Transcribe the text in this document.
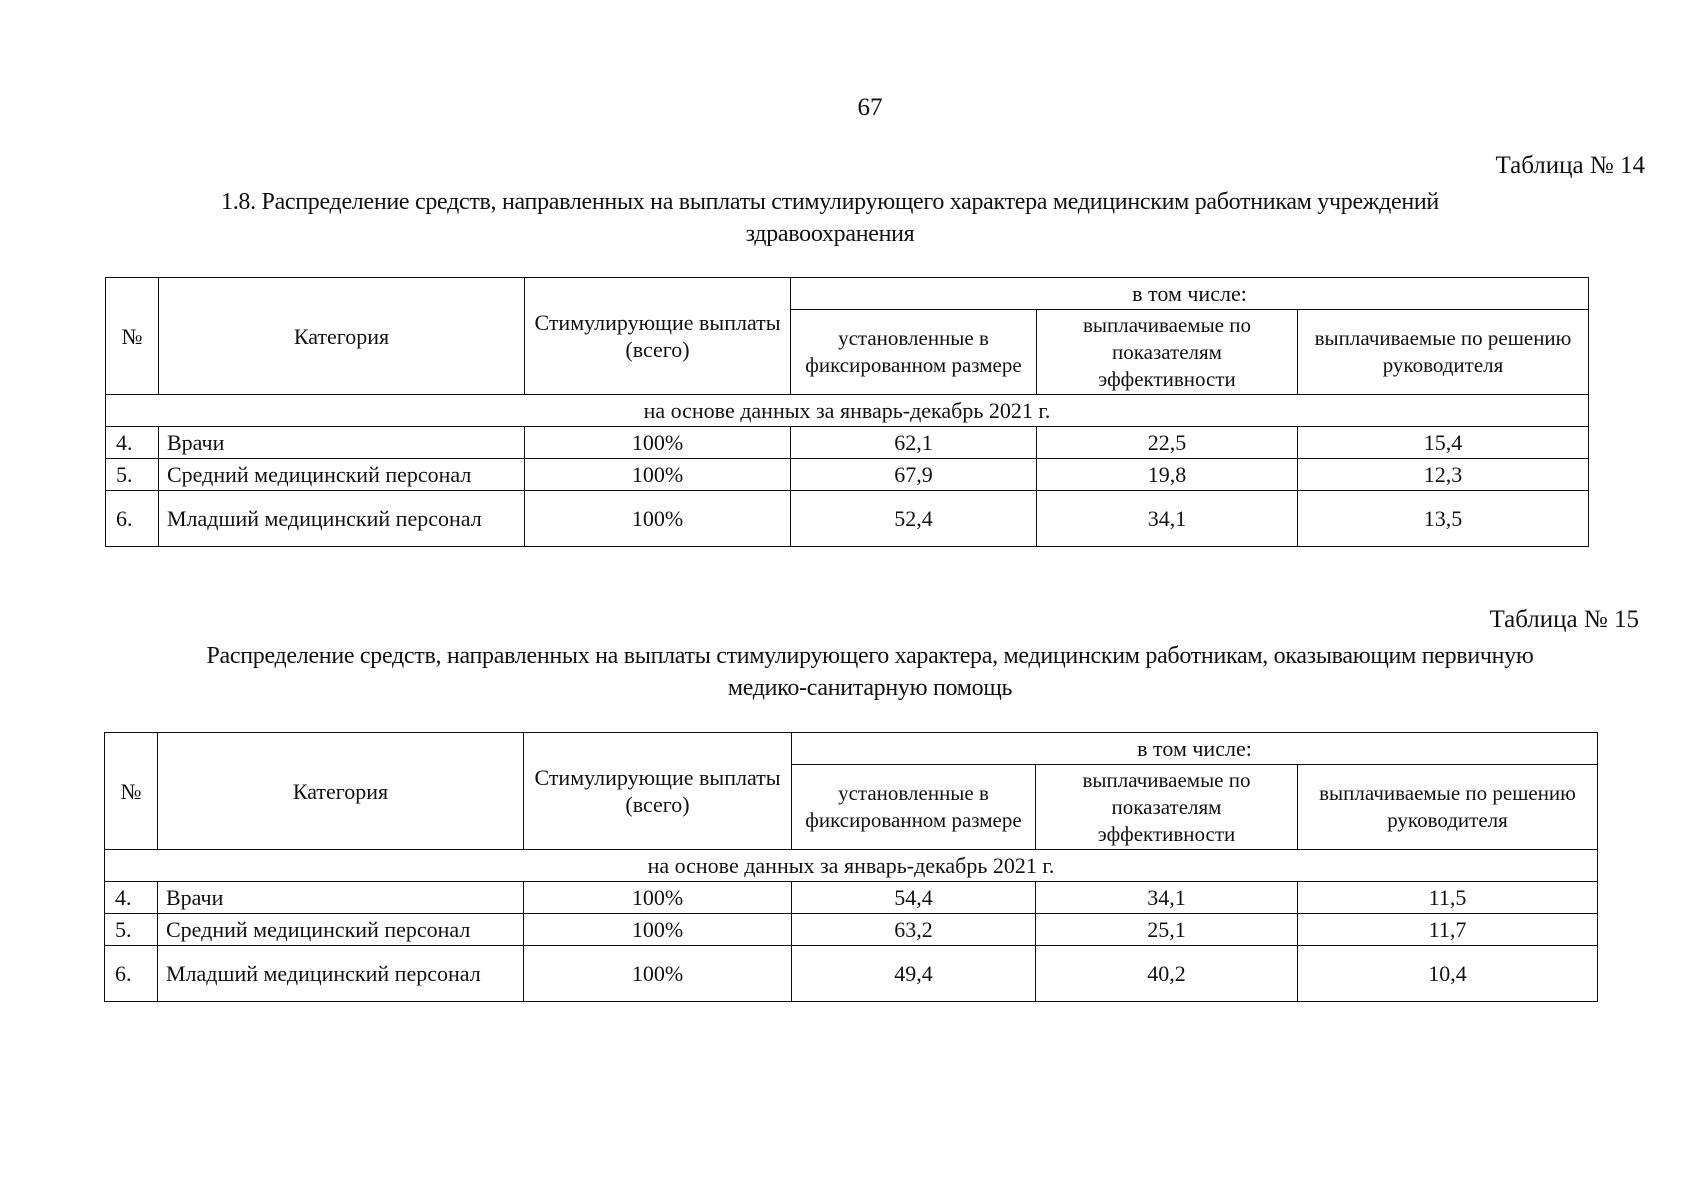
67
Таблица № 14
1.8. Распределение средств, направленных на выплаты стимулирующего характера медицинским работникам учреждений
здравоохранения
№	Категория	Стимулирующие выплаты (всего)	в том числе:		
			установленные в фиксированном размере	выплачиваемые по показателям эффективности	выплачиваемые по решению руководителя
на основе данных за январь-декабрь 2021 г.					
4.	Врачи	100%	62,1	22,5	15,4
5.	Средний медицинский персонал	100%	67,9	19,8	12,3
6.	Младший медицинский персонал	100%	52,4	34,1	13,5
Таблица № 15
Распределение средств, направленных на выплаты стимулирующего характера, медицинским работникам, оказывающим первичную
медико-санитарную помощь
№	Категория	Стимулирующие выплаты (всего)	в том числе:		
			установленные в фиксированном размере	выплачиваемые по показателям эффективности	выплачиваемые по решению руководителя
на основе данных за январь-декабрь 2021 г.					
4.	Врачи	100%	54,4	34,1	11,5
5.	Средний медицинский персонал	100%	63,2	25,1	11,7
6.	Младший медицинский персонал	100%	49,4	40,2	10,4
